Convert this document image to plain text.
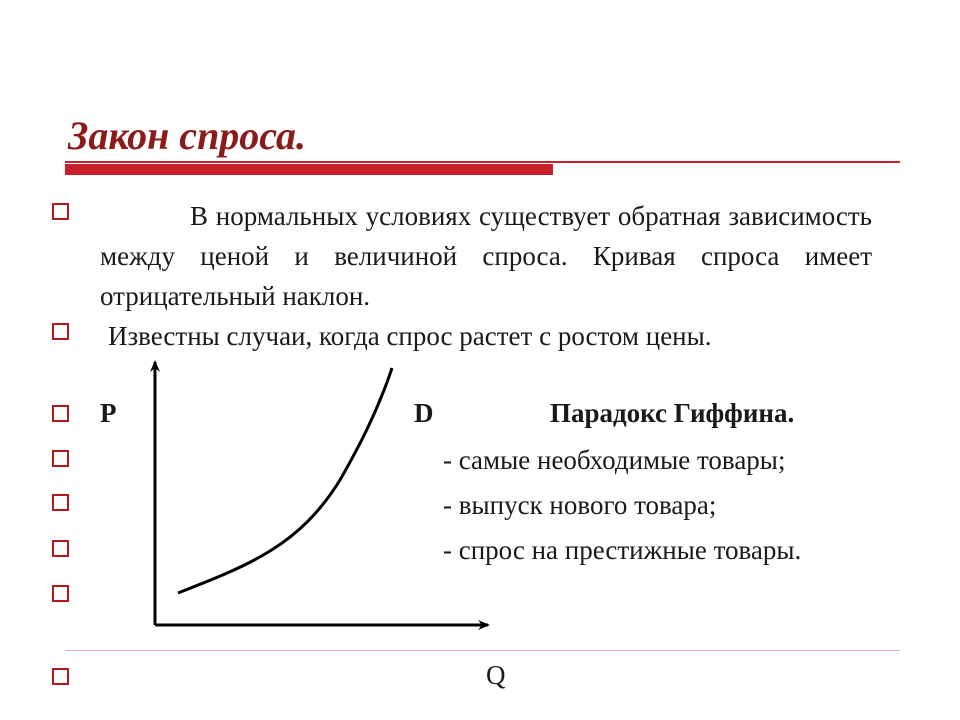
Закон спроса.
В нормальных условиях существует обратная зависимость между ценой и величиной спроса. Кривая спроса имеет отрицательный наклон.
Известны случаи, когда спрос растет с ростом цены.
P	D
Q
Парадокс Гиффина.
- самые необходимые товары;
- выпуск нового товара;
- спрос на престижные товары.
